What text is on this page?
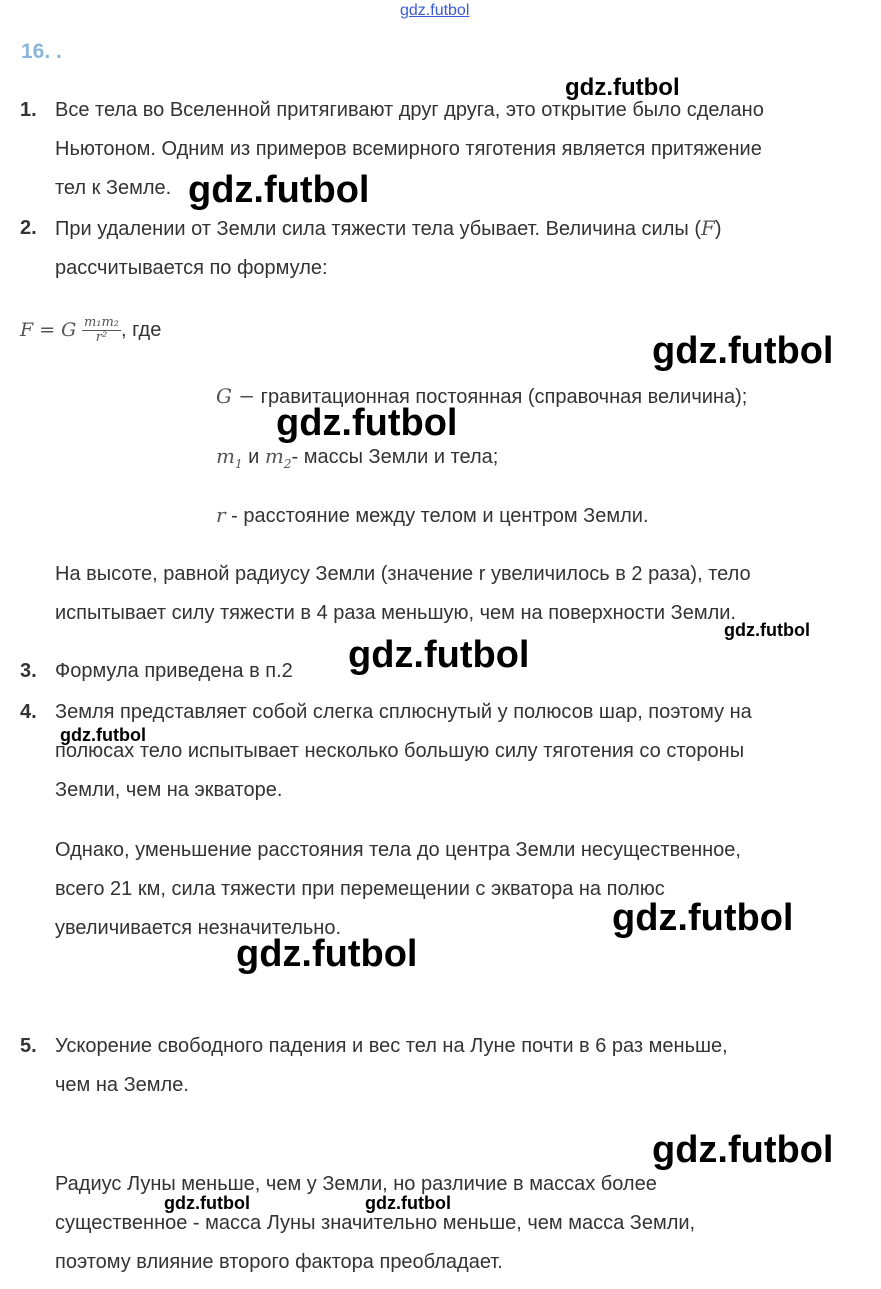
gdz.futbol
16. .
1. Все тела во Вселенной притягивают друг друга, это открытие было сделано
Ньютоном. Одним из примеров всемирного тяготения является притяжение
тел к Земле.
2. При удалении от Земли сила тяжести тела убывает. Величина силы (F)
рассчитывается по формуле:
F = G $\frac{\text{m₁m₂}}{\text{r²}}$ , где
G − гравитационная постоянная (справочная величина);
$m_1$ и $m_2-$ массы Земли и тела;
r - расстояние между телом и центром Земли.
На высоте, равной радиусу Земли (значение r увеличилось в 2 раза), тело
испытывает силу тяжести в 4 раза меньшую, чем на поверхности Земли.
3. Формула приведена в п.2
4. Земля представляет собой слегка сплюснутый у полюсов шар, поэтому на
полюсах тело испытывает несколько большую силу тяготения со стороны
Земли, чем на экваторе.
Однако, уменьшение расстояния тела до центра Земли несущественное,
всего 21 км, сила тяжести при перемещении с экватора на полюс
увеличивается незначительно.
5. Ускорение свободного падения и вес тел на Луне почти в 6 раз меньше,
чем на Земле.
Радиус Луны меньше, чем у Земли, но различие в массах более
существенное - масса Луны значительно меньше, чем масса Земли,
поэтому влияние второго фактора преобладает.
gdz.futbol
gdz.futbol
gdz.futbol
gdz.futbol
gdz.futbol
gdz.futbol
gdz.futbol
gdz.futbol
gdz.futbol
gdz.futbol
gdz.futbol	gdz.futbol
